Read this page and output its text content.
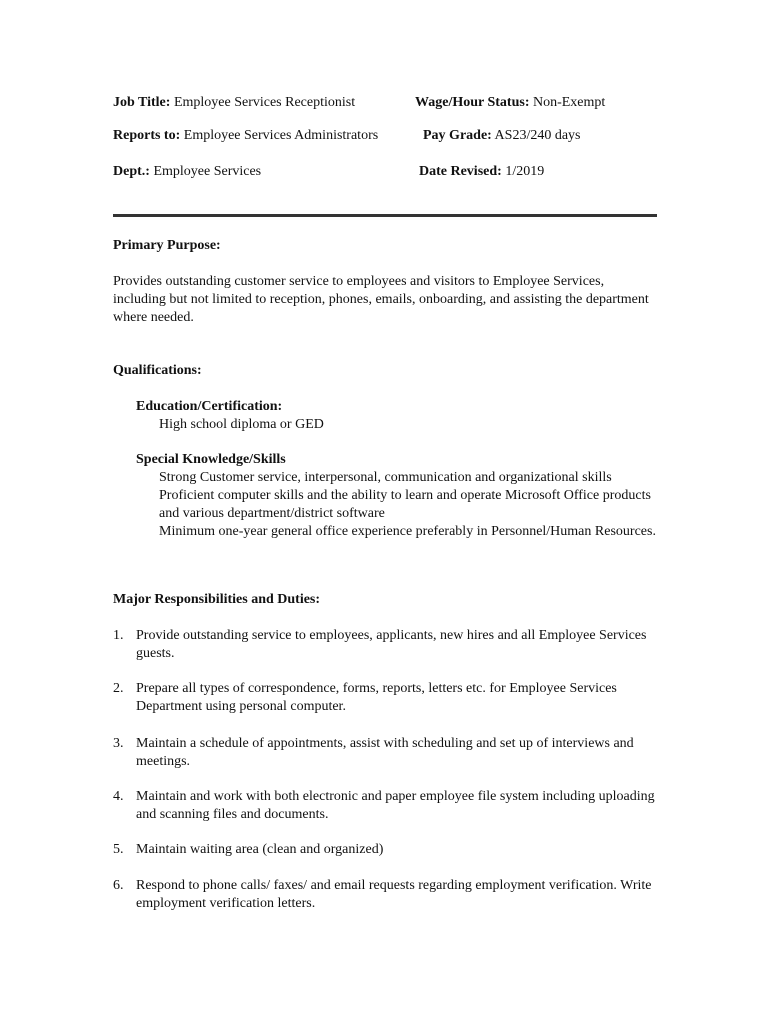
Job Title: Employee Services Receptionist	Wage/Hour Status: Non-Exempt
Reports to: Employee Services Administrators	Pay Grade: AS23/240 days
Dept.: Employee Services	Date Revised: 1/2019
Primary Purpose:
Provides outstanding customer service to employees and visitors to Employee Services, including but not limited to reception, phones, emails, onboarding, and assisting the department where needed.
Qualifications:
Education/Certification:
High school diploma or GED
Special Knowledge/Skills
Strong Customer service, interpersonal, communication and organizational skills
Proficient computer skills and the ability to learn and operate Microsoft Office products and various department/district software
Minimum one-year general office experience preferably in Personnel/Human Resources.
Major Responsibilities and Duties:
1. Provide outstanding service to employees, applicants, new hires and all Employee Services guests.
2. Prepare all types of correspondence, forms, reports, letters etc. for Employee Services Department using personal computer.
3. Maintain a schedule of appointments, assist with scheduling and set up of interviews and meetings.
4. Maintain and work with both electronic and paper employee file system including uploading and scanning files and documents.
5. Maintain waiting area (clean and organized)
6. Respond to phone calls/ faxes/ and email requests regarding employment verification. Write employment verification letters.
